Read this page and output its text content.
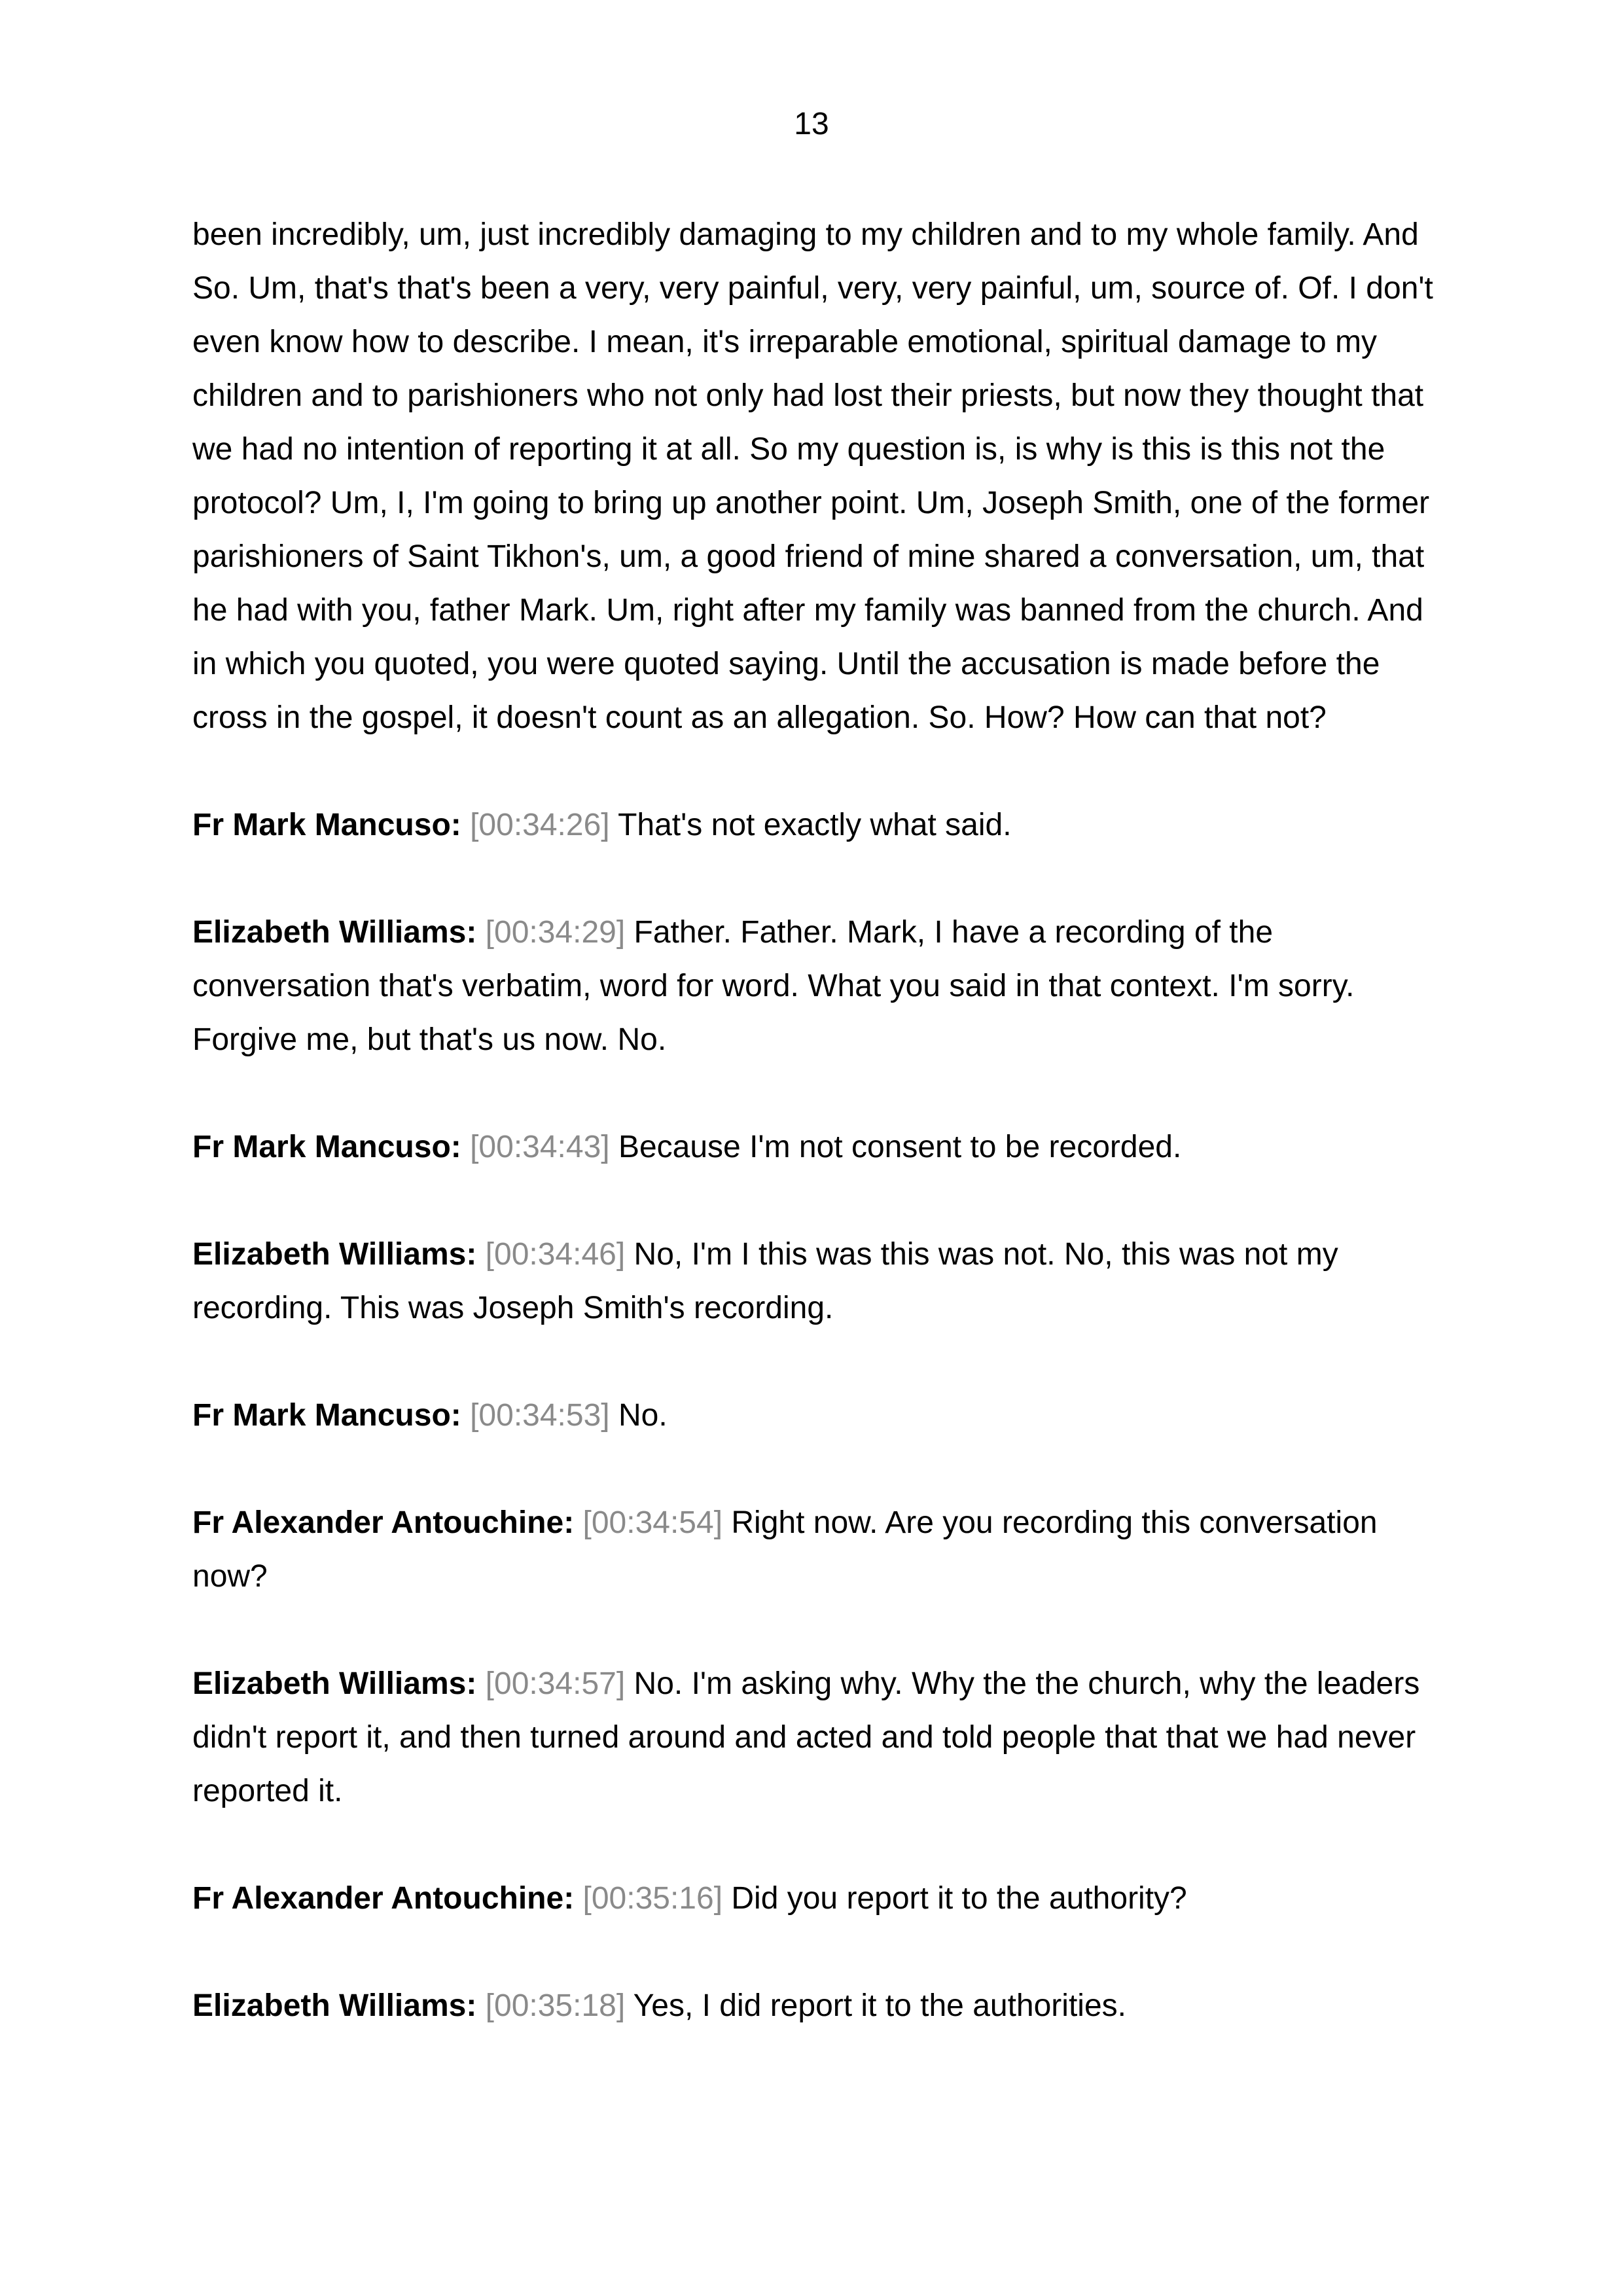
13

been incredibly, um, just incredibly damaging to my children and to my whole family. And So. Um, that's that's been a very, very painful, very, very painful, um, source of. Of. I don't even know how to describe. I mean, it's irreparable emotional, spiritual damage to my children and to parishioners who not only had lost their priests, but now they thought that we had no intention of reporting it at all. So my question is, is why is this is this not the protocol? Um, I, I'm going to bring up another point. Um, Joseph Smith, one of the former parishioners of Saint Tikhon's, um, a good friend of mine shared a conversation, um, that he had with you, father Mark. Um, right after my family was banned from the church. And in which you quoted, you were quoted saying. Until the accusation is made before the cross in the gospel, it doesn't count as an allegation. So. How? How can that not?

Fr Mark Mancuso: [00:34:26] That's not exactly what said.

Elizabeth Williams: [00:34:29] Father. Father. Mark, I have a recording of the conversation that's verbatim, word for word. What you said in that context. I'm sorry. Forgive me, but that's us now. No.

Fr Mark Mancuso: [00:34:43] Because I'm not consent to be recorded.

Elizabeth Williams: [00:34:46] No, I'm I this was this was not. No, this was not my recording. This was Joseph Smith's recording.

Fr Mark Mancuso: [00:34:53] No.

Fr Alexander Antouchine: [00:34:54] Right now. Are you recording this conversation now?

Elizabeth Williams: [00:34:57] No. I'm asking why. Why the the church, why the leaders didn't report it, and then turned around and acted and told people that that we had never reported it.

Fr Alexander Antouchine: [00:35:16] Did you report it to the authority?

Elizabeth Williams: [00:35:18] Yes, I did report it to the authorities.
